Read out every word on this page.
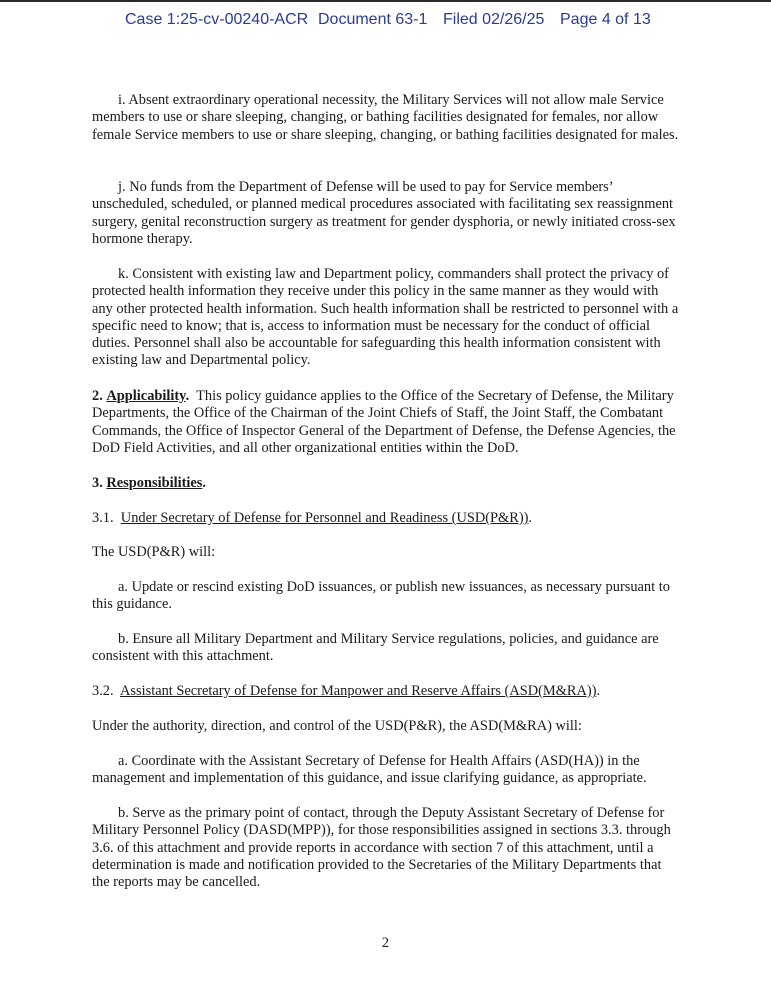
Case 1:25-cv-00240-ACR Document 63-1 Filed 02/26/25 Page 4 of 13

i. Absent extraordinary operational necessity, the Military Services will not allow male Service members to use or share sleeping, changing, or bathing facilities designated for females, nor allow female Service members to use or share sleeping, changing, or bathing facilities designated for males.

j. No funds from the Department of Defense will be used to pay for Service members’ unscheduled, scheduled, or planned medical procedures associated with facilitating sex reassignment surgery, genital reconstruction surgery as treatment for gender dysphoria, or newly initiated cross-sex hormone therapy.

k. Consistent with existing law and Department policy, commanders shall protect the privacy of protected health information they receive under this policy in the same manner as they would with any other protected health information. Such health information shall be restricted to personnel with a specific need to know; that is, access to information must be necessary for the conduct of official duties. Personnel shall also be accountable for safeguarding this health information consistent with existing law and Departmental policy.

2. Applicability. This policy guidance applies to the Office of the Secretary of Defense, the Military Departments, the Office of the Chairman of the Joint Chiefs of Staff, the Joint Staff, the Combatant Commands, the Office of Inspector General of the Department of Defense, the Defense Agencies, the DoD Field Activities, and all other organizational entities within the DoD.

3. Responsibilities.

3.1. Under Secretary of Defense for Personnel and Readiness (USD(P&R)).

The USD(P&R) will:

a. Update or rescind existing DoD issuances, or publish new issuances, as necessary pursuant to this guidance.

b. Ensure all Military Department and Military Service regulations, policies, and guidance are consistent with this attachment.

3.2. Assistant Secretary of Defense for Manpower and Reserve Affairs (ASD(M&RA)).

Under the authority, direction, and control of the USD(P&R), the ASD(M&RA) will:

a. Coordinate with the Assistant Secretary of Defense for Health Affairs (ASD(HA)) in the management and implementation of this guidance, and issue clarifying guidance, as appropriate.

b. Serve as the primary point of contact, through the Deputy Assistant Secretary of Defense for Military Personnel Policy (DASD(MPP)), for those responsibilities assigned in sections 3.3. through 3.6. of this attachment and provide reports in accordance with section 7 of this attachment, until a determination is made and notification provided to the Secretaries of the Military Departments that the reports may be cancelled.

2
